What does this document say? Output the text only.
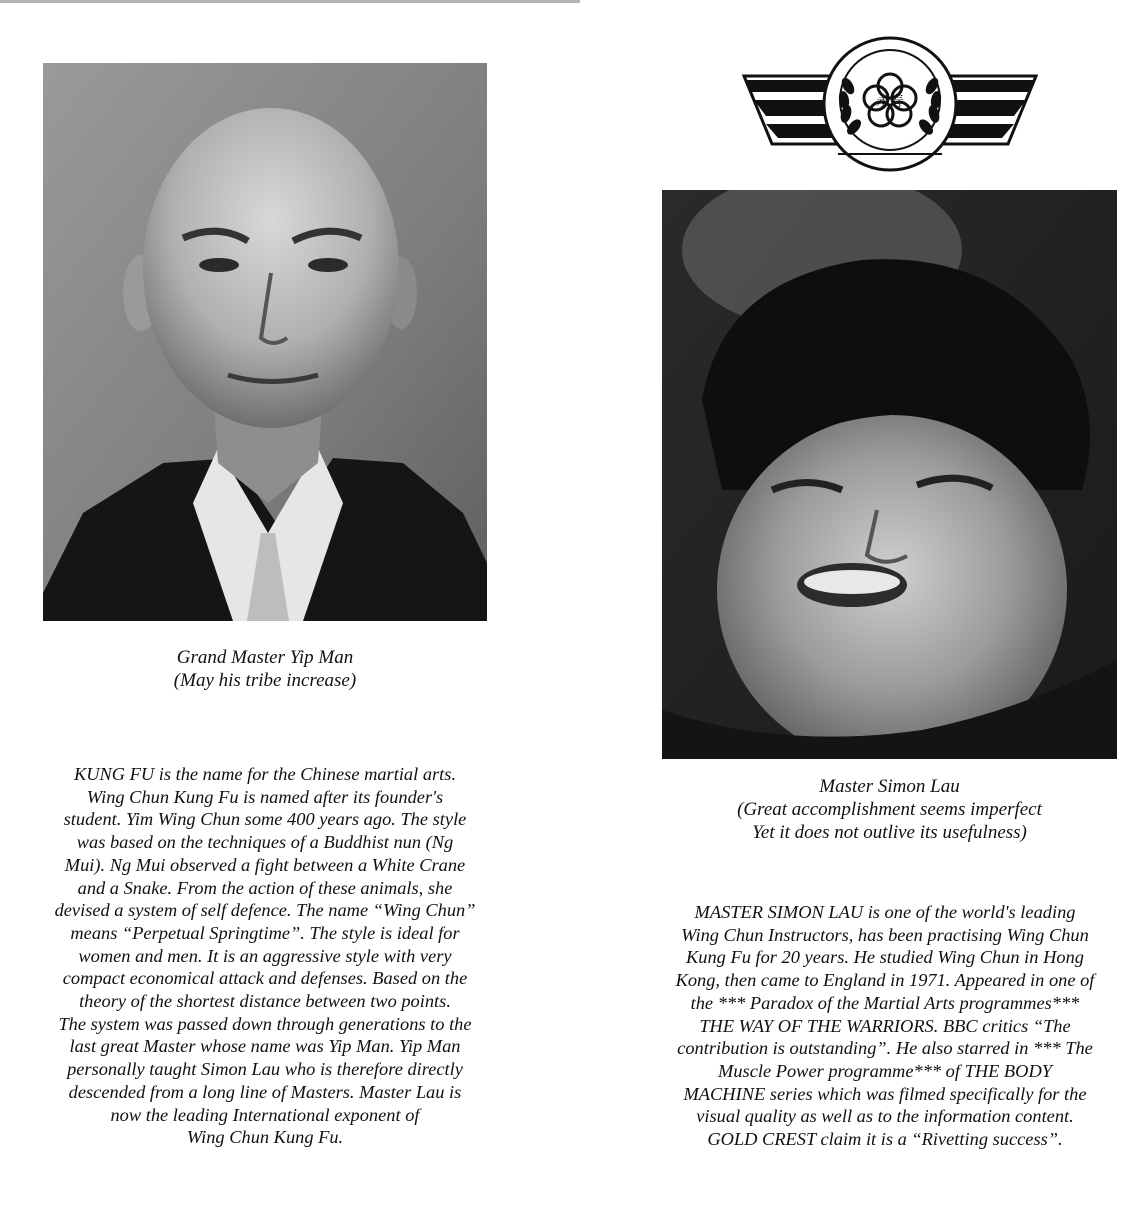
Grand Master Yip Man
(May his tribe increase)
KUNG FU is the name for the Chinese martial arts.
Wing Chun Kung Fu is named after its founder's
student. Yim Wing Chun some 400 years ago. The style
was based on the techniques of a Buddhist nun (Ng
Mui). Ng Mui observed a fight between a White Crane
and a Snake. From the action of these animals, she
devised a system of self defence. The name “Wing Chun”
means “Perpetual Springtime”. The style is ideal for
women and men. It is an aggressive style with very
compact economical attack and defenses. Based on the
theory of the shortest distance between two points.
The system was passed down through generations to the
last great Master whose name was Yip Man. Yip Man
personally taught Simon Lau who is therefore directly
descended from a long line of Masters. Master Lau is
now the leading International exponent of
Wing Chun Kung Fu.
永春
Master Simon Lau
(Great accomplishment seems imperfect
Yet it does not outlive its usefulness)
MASTER SIMON LAU is one of the world's leading
Wing Chun Instructors, has been practising Wing Chun
Kung Fu for 20 years. He studied Wing Chun in Hong
Kong, then came to England in 1971. Appeared in one of
the *** Paradox of the Martial Arts programmes***
THE WAY OF THE WARRIORS. BBC critics “The
contribution is outstanding”. He also starred in *** The
Muscle Power programme*** of THE BODY
MACHINE series which was filmed specifically for the
visual quality as well as to the information content.
GOLD CREST claim it is a “Rivetting success”.
